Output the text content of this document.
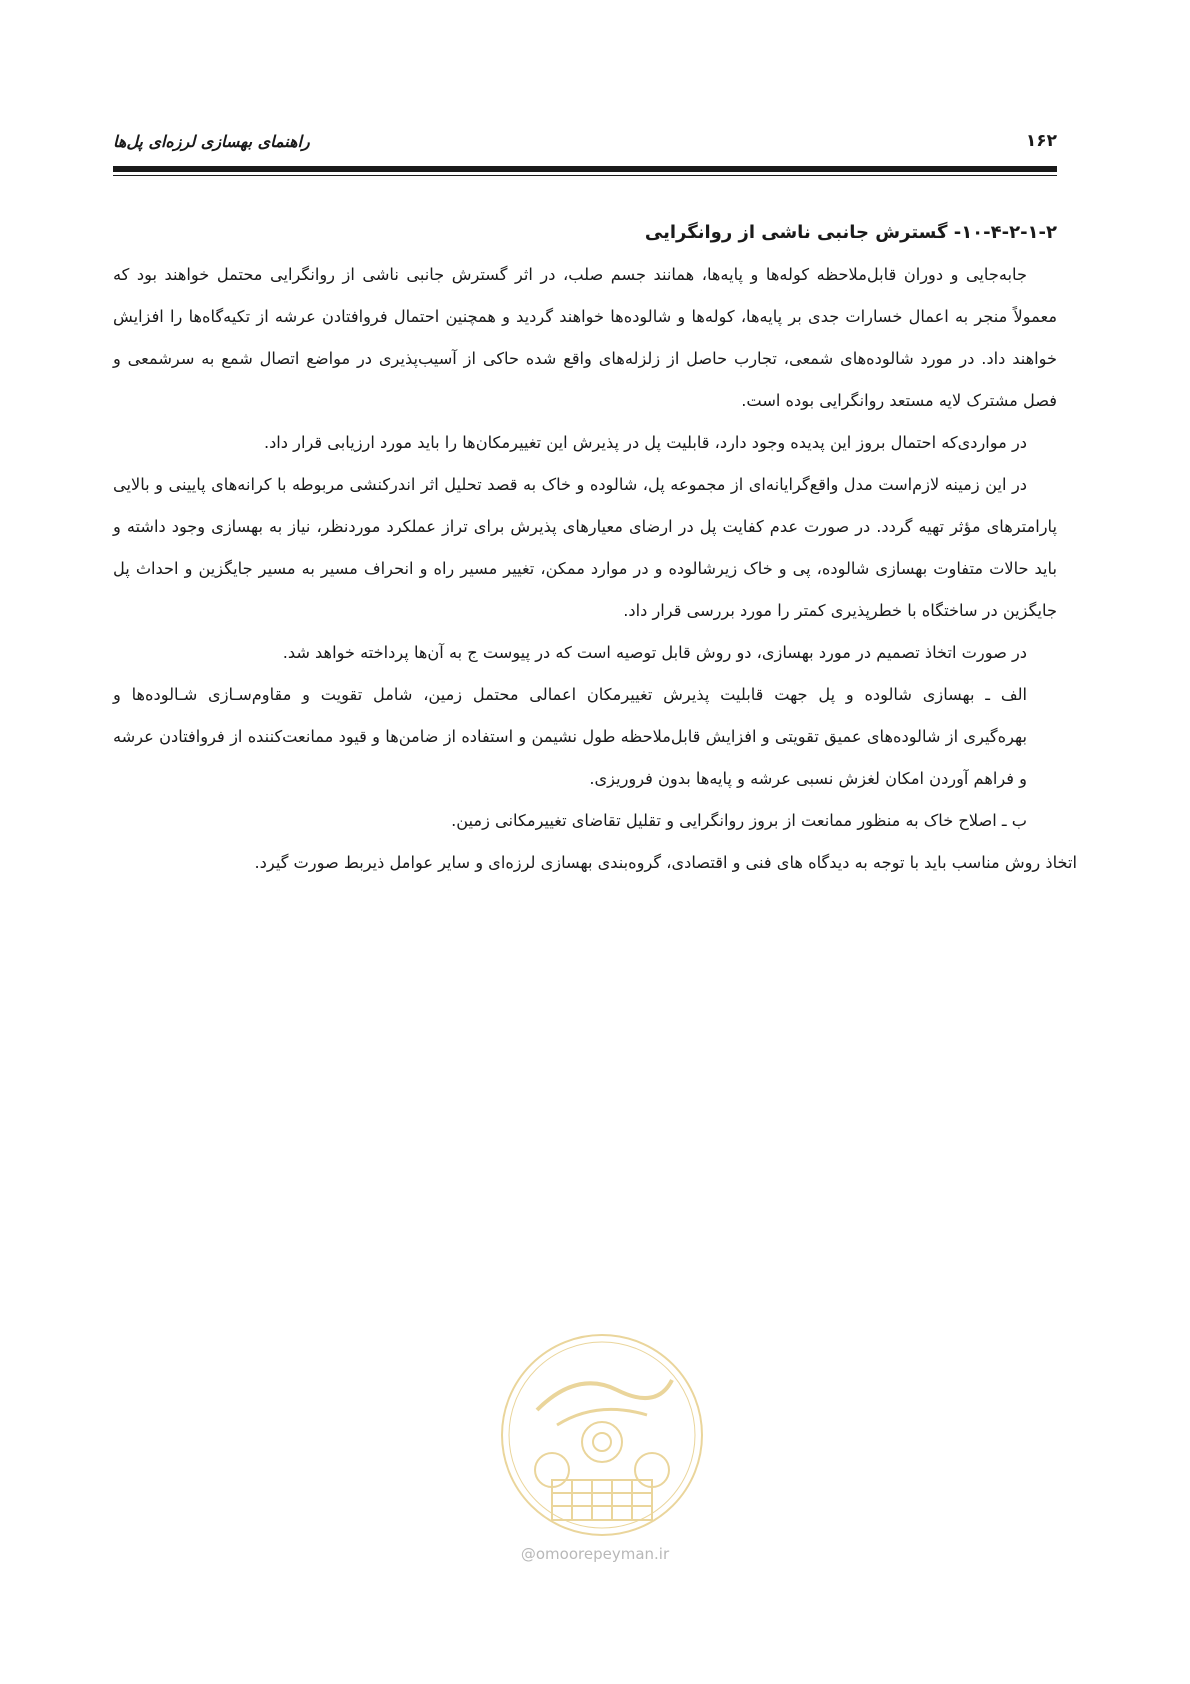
۱۶۲
راهنمای بهسازی لرزه‌ای پل‌ها
۱۰-۴-۲-۱-۲- گسترش جانبی ناشی از روانگرایی

جابه‌جایی و دوران قابل‌ملاحظه کوله‌ها و پایه‌ها، همانند جسم صلب، در اثر گسترش جانبی ناشی از روانگرایی محتمل خواهند بود که معمولاً منجر به اعمال خسارات جدی بر پایه‌ها، کوله‌ها و شالوده‌ها خواهند گردید و همچنین احتمال فروافتادن عرشه از تکیه‌گاه‌ها را افزایش خواهند داد. در مورد شالوده‌های شمعی، تجارب حاصل از زلزله‌های واقع شده حاکی از آسیب‌پذیری در مواضع اتصال شمع به سرشمعی و فصل مشترک لایه مستعد روانگرایی بوده است.

در مواردی‌که احتمال بروز این پدیده وجود دارد، قابلیت پل در پذیرش این تغییرمکان‌ها را باید مورد ارزیابی قرار داد.

در این زمینه لازم‌است مدل واقع‌گرایانه‌ای از مجموعه پل، شالوده و خاک به قصد تحلیل اثر اندرکنشی مربوطه با کرانه‌های پایینی و بالایی پارامترهای مؤثر تهیه گردد. در صورت عدم کفایت پل در ارضای معیارهای پذیرش برای تراز عملکرد موردنظر، نیاز به بهسازی وجود داشته و باید حالات متفاوت بهسازی شالوده، پی و خاک زیرشالوده و در موارد ممکن، تغییر مسیر راه و انحراف مسیر به مسیر جایگزین و احداث پل جایگزین در ساختگاه با خطرپذیری کمتر را مورد بررسی قرار داد.

در صورت اتخاذ تصمیم در مورد بهسازی، دو روش قابل توصیه است که در پیوست ج به آن‌ها پرداخته خواهد شد.

الف ـ بهسازی شالوده و پل جهت قابلیت پذیرش تغییرمکان اعمالی محتمل زمین، شامل تقویت و مقاوم‌سـازی شـالوده‌ها و
بهره‌گیری از شالوده‌های عمیق تقویتی و افزایش قابل‌ملاحظه طول نشیمن و استفاده از ضامن‌ها و قیود ممانعت‌کننده از فروافتادن عرشه و فراهم آوردن امکان لغزش نسبی عرشه و پایه‌ها بدون فروریزی.
ب ـ اصلاح خاک به منظور ممانعت از بروز روانگرایی و تقلیل تقاضای تغییرمکانی زمین.

اتخاذ روش مناسب باید با توجه به دیدگاه های فنی و اقتصادی، گروه‌بندی بهسازی لرزه‌ای و سایر عوامل ذیربط صورت گیرد.

@omoorepeyman.ir
